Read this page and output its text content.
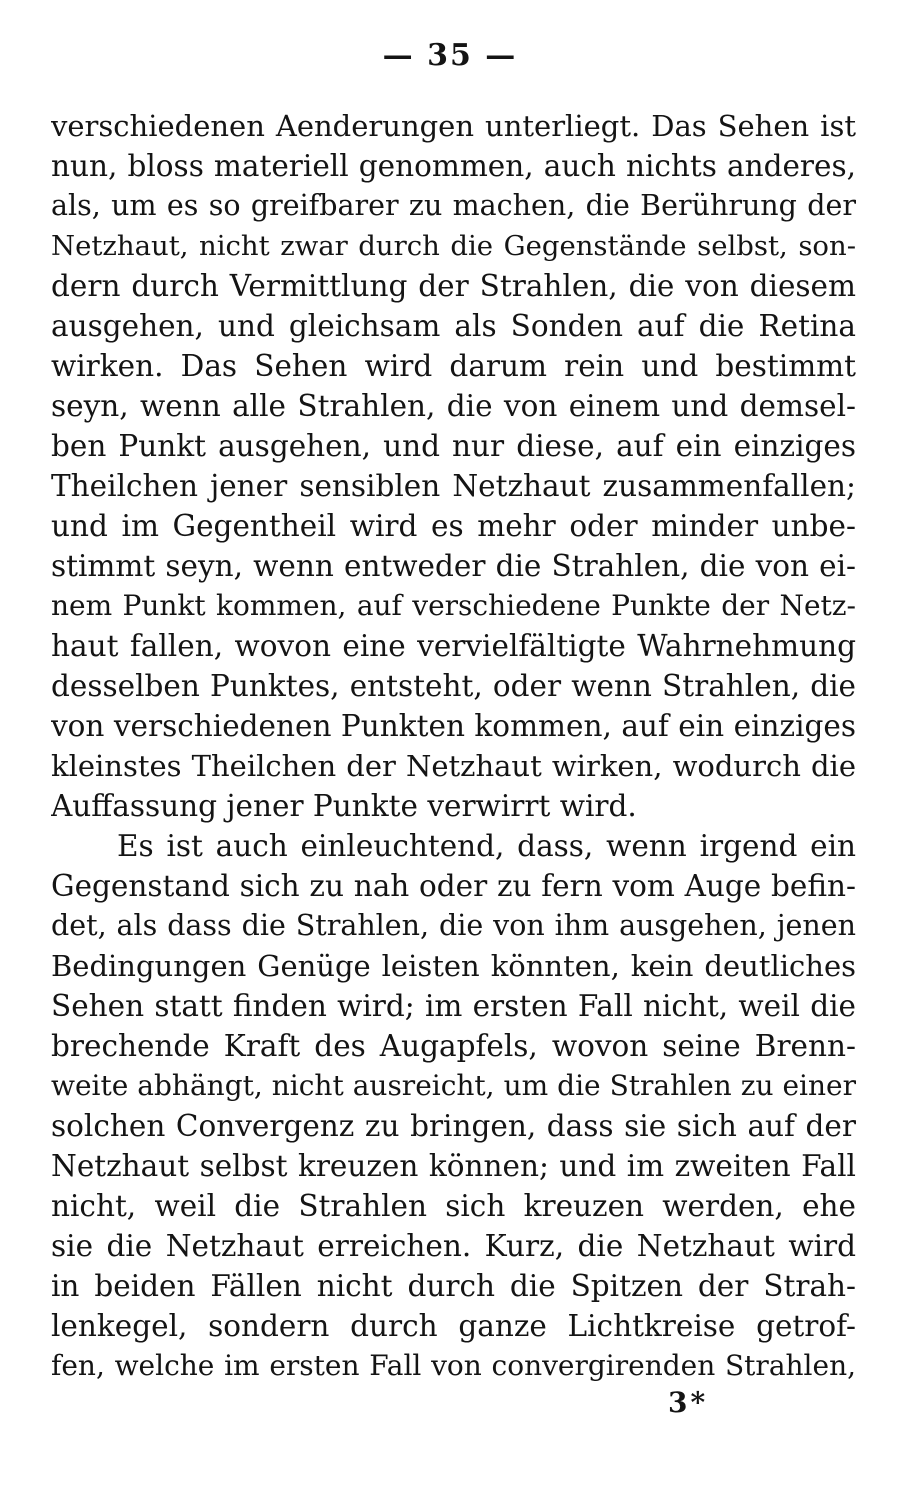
— 35 —
verschiedenen Aenderungen unterliegt. Das Sehen ist
nun, bloss materiell genommen, auch nichts anderes,
als, um es so greifbarer zu machen, die Berührung der
Netzhaut, nicht zwar durch die Gegenstände selbst, son-
dern durch Vermittlung der Strahlen, die von diesem
ausgehen, und gleichsam als Sonden auf die Retina
wirken. Das Sehen wird darum rein und bestimmt
seyn, wenn alle Strahlen, die von einem und demsel-
ben Punkt ausgehen, und nur diese, auf ein einziges
Theilchen jener sensiblen Netzhaut zusammenfallen;
und im Gegentheil wird es mehr oder minder unbe-
stimmt seyn, wenn entweder die Strahlen, die von ei-
nem Punkt kommen, auf verschiedene Punkte der Netz-
haut fallen, wovon eine vervielfältigte Wahrnehmung
desselben Punktes, entsteht, oder wenn Strahlen, die
von verschiedenen Punkten kommen, auf ein einziges
kleinstes Theilchen der Netzhaut wirken, wodurch die
Auffassung jener Punkte verwirrt wird.
Es ist auch einleuchtend, dass, wenn irgend ein
Gegenstand sich zu nah oder zu fern vom Auge befin-
det, als dass die Strahlen, die von ihm ausgehen, jenen
Bedingungen Genüge leisten könnten, kein deutliches
Sehen statt finden wird; im ersten Fall nicht, weil die
brechende Kraft des Augapfels, wovon seine Brenn-
weite abhängt, nicht ausreicht, um die Strahlen zu einer
solchen Convergenz zu bringen, dass sie sich auf der
Netzhaut selbst kreuzen können; und im zweiten Fall
nicht, weil die Strahlen sich kreuzen werden, ehe
sie die Netzhaut erreichen. Kurz, die Netzhaut wird
in beiden Fällen nicht durch die Spitzen der Strah-
lenkegel, sondern durch ganze Lichtkreise getrof-
fen, welche im ersten Fall von convergirenden Strahlen,
3*
